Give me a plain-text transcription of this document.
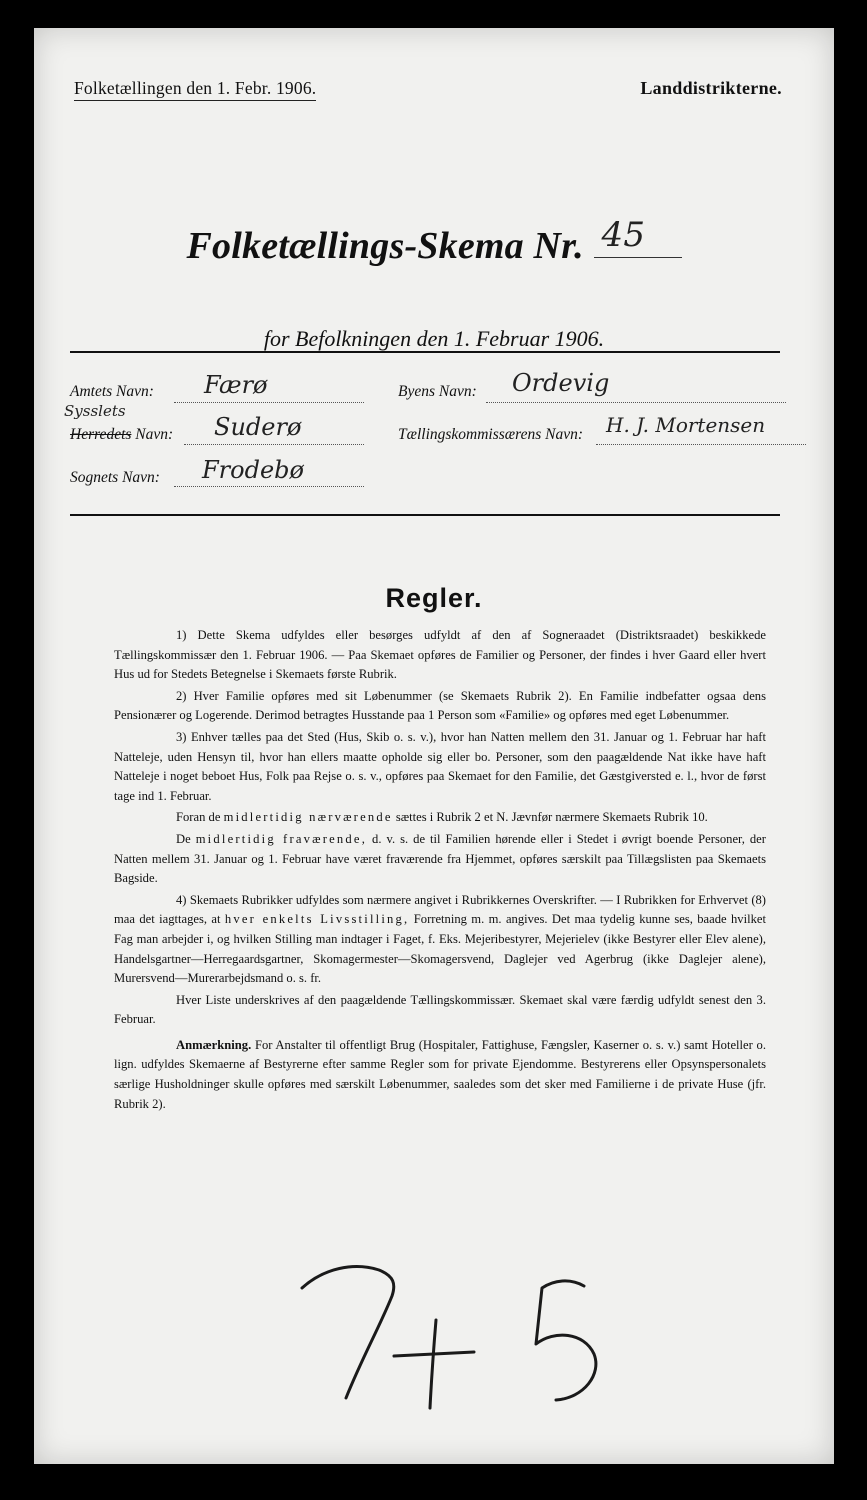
Folketællingen den 1. Febr. 1906.	Landdistrikterne.
Folketællings-Skema Nr. 45
for Befolkningen den 1. Februar 1906.
Amtets Navn: Færø
Herredets
Sysslets
Navn: Suderø
Sognets Navn: Frodebø
Byens Navn: Ordevig
Tællingskommissærens Navn: H. J. Mortensen
Regler.

1) Dette Skema udfyldes eller besørges udfyldt af den af Sogneraadet (Distriktsraadet) beskikkede Tællingskommissær den 1. Februar 1906. — Paa Skemaet opføres de Familier og Personer, der findes i hver Gaard eller hvert Hus ud for Stedets Betegnelse i Skemaets første Rubrik.

2) Hver Familie opføres med sit Løbenummer (se Skemaets Rubrik 2). En Familie indbefatter ogsaa dens Pensionærer og Logerende. Derimod betragtes Husstande paa 1 Person som «Familie» og opføres med eget Løbenummer.

3) Enhver tælles paa det Sted (Hus, Skib o. s. v.), hvor han Natten mellem den 31. Januar og 1. Februar har haft Natteleje, uden Hensyn til, hvor han ellers maatte opholde sig eller bo. Personer, som den paagældende Nat ikke have haft Natteleje i noget beboet Hus, Folk paa Rejse o. s. v., opføres paa Skemaet for den Familie, det Gæstgiversted e. l., hvor de først tage ind 1. Februar.

Foran de midlertidig nærværende sættes i Rubrik 2 et N. Jævnfør nærmere Skemaets Rubrik 10.

De midlertidig fraværende, d. v. s. de til Familien hørende eller i Stedet i øvrigt boende Personer, der Natten mellem 31. Januar og 1. Februar have været fraværende fra Hjemmet, opføres særskilt paa Tillægslisten paa Skemaets Bagside.

4) Skemaets Rubrikker udfyldes som nærmere angivet i Rubrikkernes Overskrifter. — I Rubrikken for Erhvervet (8) maa det iagttages, at hver enkelts Livsstilling, Forretning m. m. angives. Det maa tydelig kunne ses, baade hvilket Fag man arbejder i, og hvilken Stilling man indtager i Faget, f. Eks. Mejeribestyrer, Mejerielev (ikke Bestyrer eller Elev alene), Handelsgartner—Herregaardsgartner, Skomagermester—Skomagersvend, Daglejer ved Agerbrug (ikke Daglejer alene), Murersvend—Murerarbejdsmand o. s. fr.

Hver Liste underskrives af den paagældende Tællingskommissær. Skemaet skal være færdig udfyldt senest den 3. Februar.

Anmærkning. For Anstalter til offentligt Brug (Hospitaler, Fattighuse, Fængsler, Kaserner o. s. v.) samt Hoteller o. lign. udfyldes Skemaerne af Bestyrerne efter samme Regler som for private Ejendomme. Bestyrerens eller Opsynspersonalets særlige Husholdninger skulle opføres med særskilt Løbenummer, saaledes som det sker med Familierne i de private Huse (jfr. Rubrik 2).
